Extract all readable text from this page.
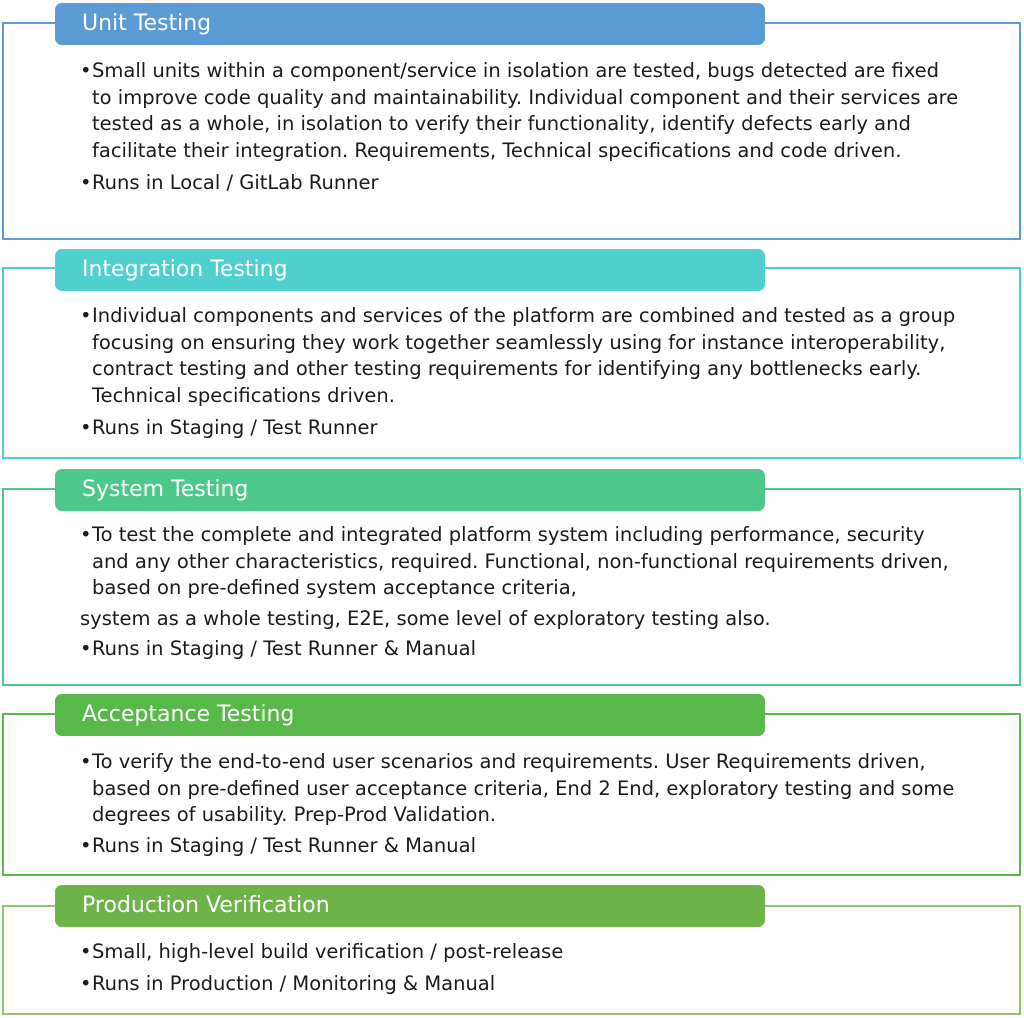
Unit Testing
• Small units within a component/service in isolation are tested, bugs detected are fixed to improve code quality and maintainability. Individual component and their services are tested as a whole, in isolation to verify their functionality, identify defects early and facilitate their integration. Requirements, Technical specifications and code driven.
• Runs in Local / GitLab Runner
Integration Testing
• Individual components and services of the platform are combined and tested as a group focusing on ensuring they work together seamlessly using for instance interoperability, contract testing and other testing requirements for identifying any bottlenecks early. Technical specifications driven.
• Runs in Staging / Test Runner
System Testing
• To test the complete and integrated platform system including performance, security and any other characteristics, required. Functional, non-functional requirements driven, based on pre-defined system acceptance criteria,
system as a whole testing, E2E, some level of exploratory testing also.
• Runs in Staging / Test Runner & Manual
Acceptance Testing
• To verify the end-to-end user scenarios and requirements. User Requirements driven, based on pre-defined user acceptance criteria, End 2 End, exploratory testing and some degrees of usability. Prep-Prod Validation.
• Runs in Staging / Test Runner & Manual
Production Verification
• Small, high-level build verification / post-release
• Runs in Production / Monitoring & Manual
